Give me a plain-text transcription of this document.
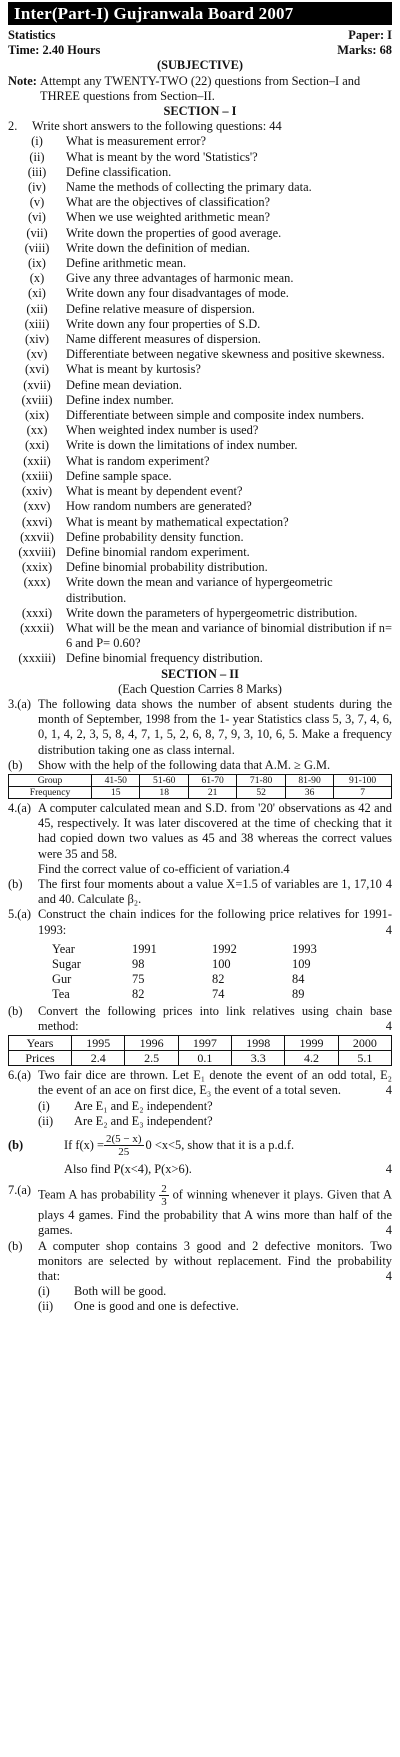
Inter(Part-I) Gujranwala Board 2007
Statistics	Paper: I
Time: 2.40 Hours	Marks: 68
(SUBJECTIVE)
Note: Attempt any TWENTY-TWO (22) questions from Section–I and THREE questions from Section–II.
SECTION – I
2.	Write short answers to the following questions: 44
(i)	What is measurement error?
(ii)	What is meant by the word 'Statistics'?
(iii)	Define classification.
(iv)	Name the methods of collecting the primary data.
(v)	What are the objectives of classification?
(vi)	When we use weighted arithmetic mean?
(vii)	Write down the properties of good average.
(viii)	Write down the definition of median.
(ix)	Define arithmetic mean.
(x)	Give any three advantages of harmonic mean.
(xi)	Write down any four disadvantages of mode.
(xii)	Define relative measure of dispersion.
(xiii)	Write down any four properties of S.D.
(xiv)	Name different measures of dispersion.
(xv)	Differentiate between negative skewness and positive skewness.
(xvi)	What is meant by kurtosis?
(xvii)	Define mean deviation.
(xviii)	Define index number.
(xix)	Differentiate between simple and composite index numbers.
(xx)	When weighted index number is used?
(xxi)	Write is down the limitations of index number.
(xxii)	What is random experiment?
(xxiii)	Define sample space.
(xxiv)	What is meant by dependent event?
(xxv)	How random numbers are generated?
(xxvi)	What is meant by mathematical expectation?
(xxvii) Define probability density function.
(xxviii) Define binomial random experiment.
(xxix)	Define binomial probability distribution.
(xxx)	Write down the mean and variance of hypergeometric distribution.
(xxxi)	Write down the parameters of hypergeometric distribution.
(xxxii) What will be the mean and variance of binomial distribution if n= 6 and P= 0.60?
(xxxiii) Define binomial frequency distribution.
SECTION – II
(Each Question Carries 8 Marks)
3.(a) The following data shows the number of absent students during the month of September, 1998 from the 1- year Statistics class 5, 3, 7, 4, 6, 0, 1, 4, 2, 3, 5, 8, 4, 7, 1, 5, 2, 6, 8, 7, 9, 3, 10, 6, 5. Make a frequency distribution taking one as class internal.
(b)	Show with the help of the following data that A.M. ≥ G.M.
Group	41-50	51-60	61-70	71-80	81-90	91-100
Frequency	15	18	21	52	36	7
4.(a) A computer calculated mean and S.D. from '20' observations as 42 and 45, respectively. It was later discovered at the time of checking that it had copied down two values as 45 and 38 whereas the correct values were 35 and 58.
Find the correct value of co-efficient of variation.4
(b)	4
The first four moments about a value X=1.5 of variables are 1, 17,10 and 40. Calculate β₂.
5.(a) Construct the chain indices for the following price relatives for 1991- 1993:	4
Year	1991	1992	1993
Sugar	98	100	109
Gur	75	82	84
Tea	82	74	89
(b)	Convert the following prices into link relatives using chain base method:	4
Years	1995	1996	1997	1998	1999	2000
Prices	2.4	2.5	0.1	3.3	4.2	5.1
6.(a) Two fair dice are thrown. Let E₁ denote the event of an odd total, E₂ the event of an ace on first dice, E₃ the event of a total seven.	4
(i)	Are E₁ and E₂ independent?
(ii)	Are E₂ and E₃ independent?
(b)	If $f(x) = \frac{2(5 - x)}{25} 0 <x<5$, show that it is a p.d.f.
4
Also find P(x<4), P(x>6).
7.(a) Team A has probability $\frac{2}{3}$ of winning whenever it plays. Given that A plays 4 games. Find the probability that A wins more than half of the games.	4
(b)	A computer shop contains 3 good and 2 defective monitors. Two monitors are selected by without replacement. Find the probability that:	4
(i)	Both will be good.
(ii)	One is good and one is defective.
